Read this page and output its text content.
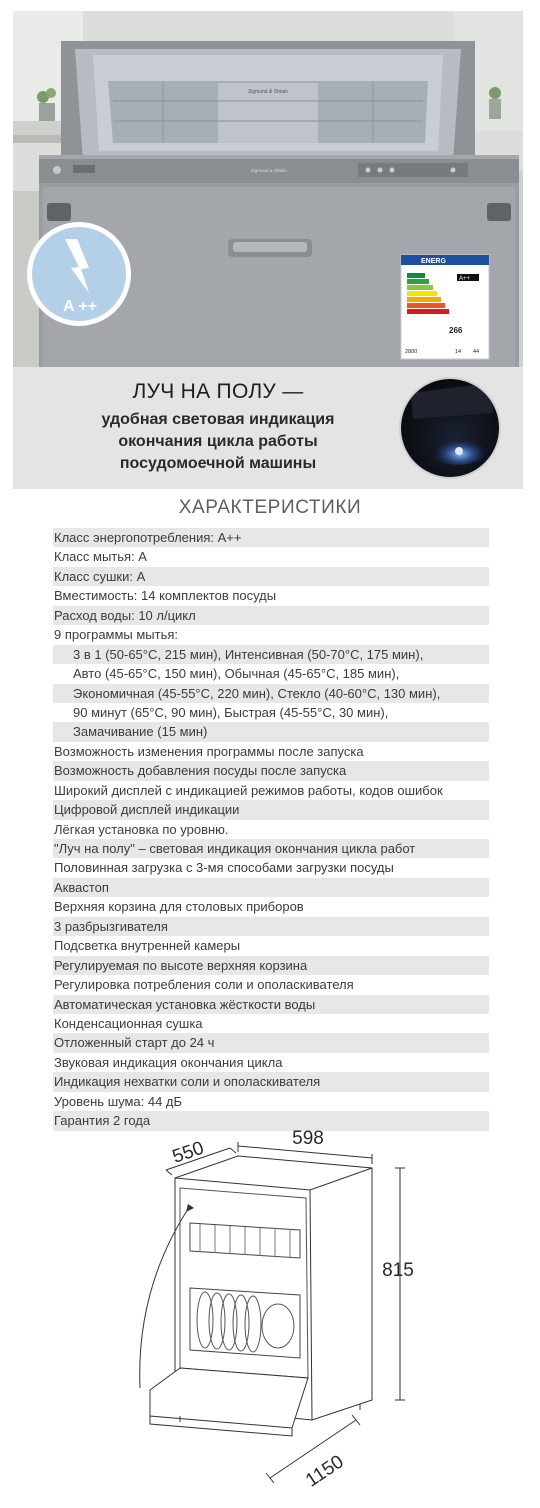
Zigmund & Shtain
Zigmund & Shtain
ENERG
A++
266
2800	14 44
A ++
ЛУЧ НА ПОЛУ —
удобная световая индикация
окончания цикла работы
посудомоечной машины
ХАРАКТЕРИСТИКИ
Класс энергопотребления: A++
Класс мытья: A
Класс сушки: A
Вместимость: 14 комплектов посуды
Расход воды: 10 л/цикл
9 программы мытья:
3 в 1 (50-65°C, 215 мин), Интенсивная (50-70°C, 175 мин),
Авто (45-65°C, 150 мин), Обычная (45-65°C, 185 мин),
Экономичная (45-55°C, 220 мин), Стекло (40-60°C, 130 мин),
90 минут (65°C, 90 мин), Быстрая (45-55°C, 30 мин),
Замачивание (15 мин)
Возможность изменения программы после запуска
Возможность добавления посуды после запуска
Широкий дисплей с индикацией режимов работы, кодов ошибок
Цифровой дисплей индикации
Лёгкая установка по уровню.
"Луч на полу" – световая индикация окончания цикла работ
Половинная загрузка с 3-мя способами загрузки посуды
Аквастоп
Верхняя корзина для столовых приборов
3 разбрызгивателя
Подсветка внутренней камеры
Регулируемая по высоте верхняя корзина
Регулировка потребления соли и ополаскивателя
Автоматическая установка жёсткости воды
Конденсационная сушка
Отложенный старт до 24 ч
Звуковая индикация окончания цикла
Индикация нехватки соли и ополаскивателя
Уровень шума: 44 дБ
Гарантия 2 года
550	598
815
1150
